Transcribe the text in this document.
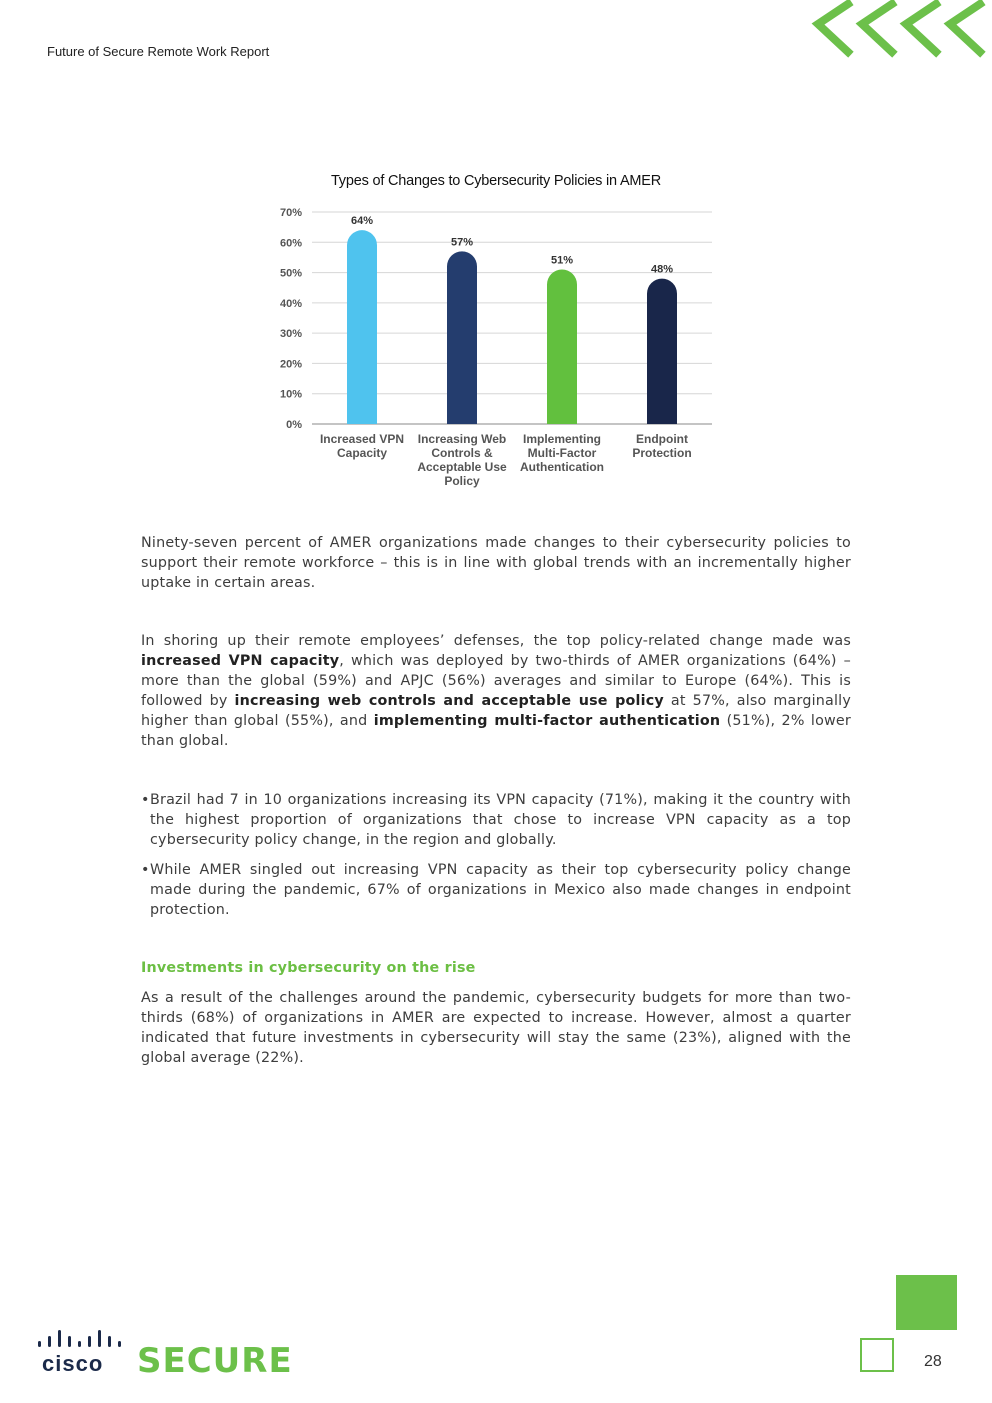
Future of Secure Remote Work Report
Types of Changes to Cybersecurity Policies in AMER
0%
10%
20%
30%
40%
50%
60%
70%
64%
57%
51%
48%
Increased VPN
Capacity
Increasing Web
Controls &
Acceptable Use
Policy
Implementing
Multi-Factor
Authentication
Endpoint
Protection
Ninety-seven percent of AMER organizations made changes to their cybersecurity policies to support their remote workforce – this is in line with global trends with an incrementally higher uptake in certain areas.
In shoring up their remote employees’ defenses, the top policy-related change made was increased VPN capacity, which was deployed by two-thirds of AMER organizations (64%) – more than the global (59%) and APJC (56%) averages and similar to Europe (64%). This is followed by increasing web controls and acceptable use policy at 57%, also marginally higher than global (55%), and implementing multi-factor authentication (51%), 2% lower than global.
• Brazil had 7 in 10 organizations increasing its VPN capacity (71%), making it the country with the highest proportion of organizations that chose to increase VPN capacity as a top cybersecurity policy change, in the region and globally.
• While AMER singled out increasing VPN capacity as their top cybersecurity policy change made during the pandemic, 67% of organizations in Mexico also made changes in endpoint protection.
Investments in cybersecurity on the rise
As a result of the challenges around the pandemic, cybersecurity budgets for more than two-thirds (68%) of organizations in AMER are expected to increase. However, almost a quarter indicated that future investments in cybersecurity will stay the same (23%), aligned with the global average (22%).
cisco SECURE	28
